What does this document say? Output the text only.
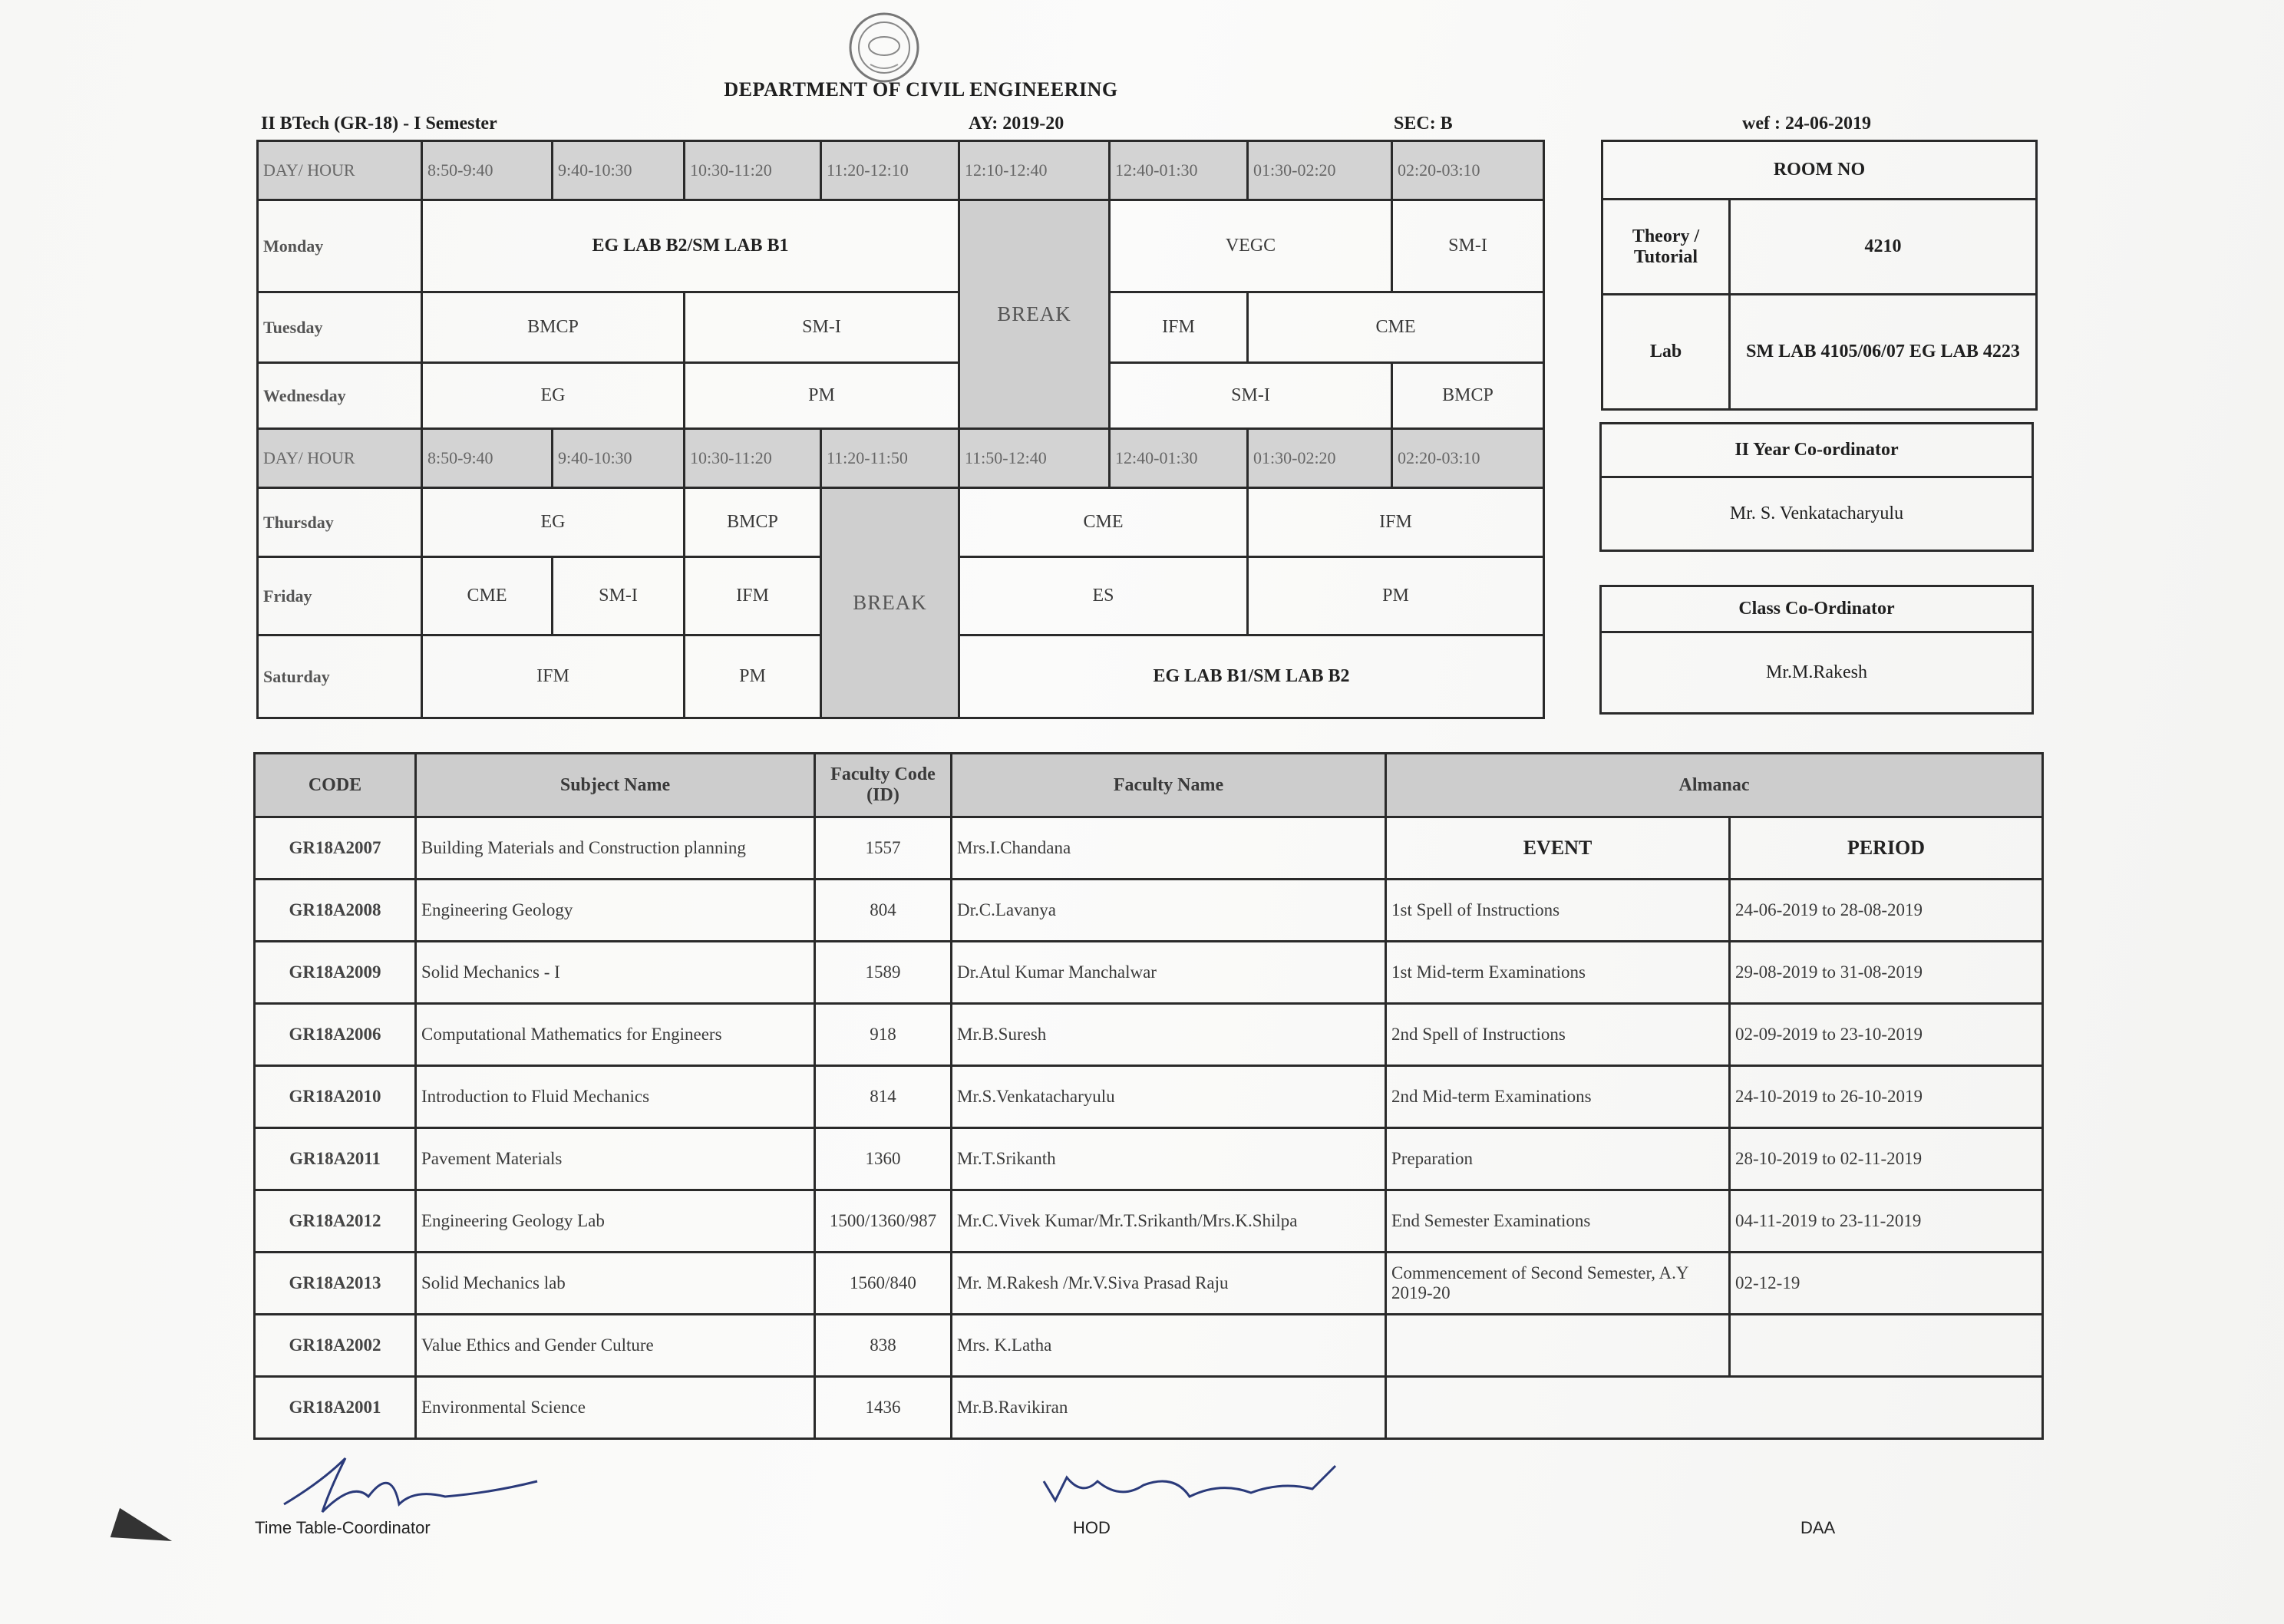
DEPARTMENT OF CIVIL ENGINEERING
II BTech (GR-18) - I Semester	AY: 2019-20	SEC: B	wef : 24-06-2019
DAY/ HOUR	8:50-9:40	9:40-10:30	10:30-11:20	11:20-12:10	12:10-12:40	12:40-01:30	01:30-02:20	02:20-03:10
Monday	EG LAB B2/SM LAB B1				BREAK	VEGC		SM-I
Tuesday	BMCP		SM-I			IFM	CME	
Wednesday	EG		PM			SM-I		BMCP
DAY/ HOUR	8:50-9:40	9:40-10:30	10:30-11:20	11:20-11:50	11:50-12:40	12:40-01:30	01:30-02:20	02:20-03:10
Thursday	EG		BMCP	BREAK	CME		IFM	
Friday	CME	SM-I	IFM		ES		PM	
Saturday	IFM		PM		EG LAB B1/SM LAB B2			
ROOM NO	
Theory / Tutorial	4210
Lab	SM LAB 4105/06/07 EG LAB 4223
II Year Co-ordinator
Mr. S. Venkatacharyulu
Class Co-Ordinator
Mr.M.Rakesh
CODE	Subject Name	Faculty Code (ID)	Faculty Name	Almanac	

GR18A2007	Building Materials and Construction planning	1557	Mrs.I.Chandana	EVENT	PERIOD
GR18A2008	Engineering Geology	804	Dr.C.Lavanya	1st Spell of Instructions	24-06-2019 to 28-08-2019
GR18A2009	Solid Mechanics - I	1589	Dr.Atul Kumar Manchalwar	1st Mid-term Examinations	29-08-2019 to 31-08-2019
GR18A2006	Computational Mathematics for Engineers	918	Mr.B.Suresh	2nd Spell of Instructions	02-09-2019 to 23-10-2019
GR18A2010	Introduction to Fluid Mechanics	814	Mr.S.Venkatacharyulu	2nd Mid-term Examinations	24-10-2019 to 26-10-2019
GR18A2011	Pavement Materials	1360	Mr.T.Srikanth	Preparation	28-10-2019 to 02-11-2019
GR18A2012	Engineering Geology Lab	1500/1360/987	Mr.C.Vivek Kumar/Mr.T.Srikanth/Mrs.K.Shilpa	End Semester Examinations	04-11-2019 to 23-11-2019
GR18A2013	Solid Mechanics lab	1560/840	Mr. M.Rakesh /Mr.V.Siva Prasad Raju	Commencement of Second Semester, A.Y 2019-20	02-12-19
GR18A2002	Value Ethics and Gender Culture	838	Mrs. K.Latha		
GR18A2001	Environmental Science	1436	Mr.B.Ravikiran		
Time Table-Coordinator	HOD	DAA
